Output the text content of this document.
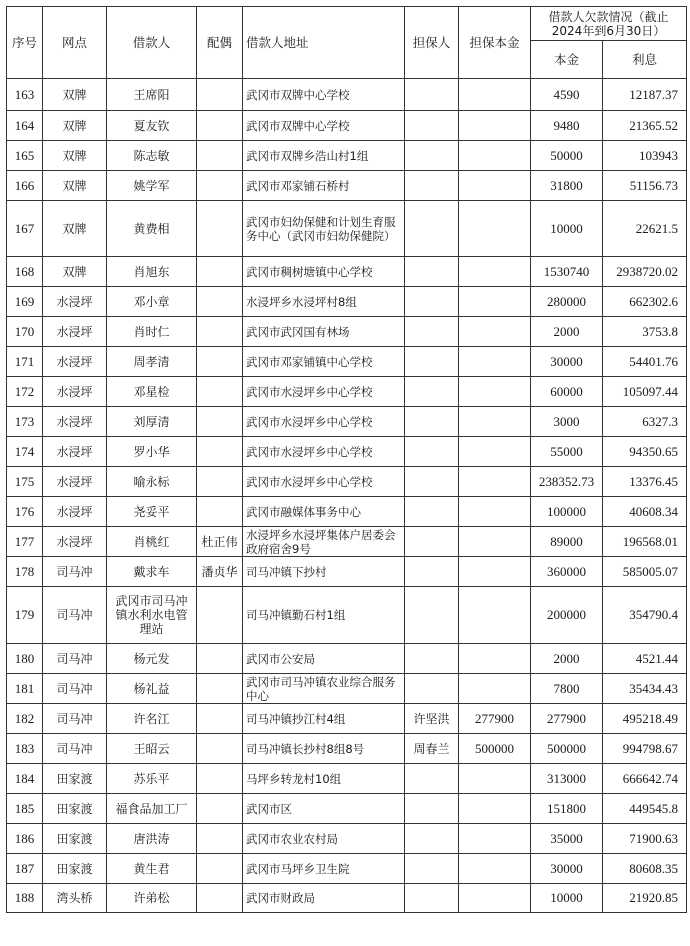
序号	网点	借款人	配偶	借款人地址	担保人	担保本金	借款人欠款情况（截止2024年到6月30日）	
							本金	利息
163	双牌	王席阳		武冈市双牌中心学校			4590	12187.37
164	双牌	夏友钦		武冈市双牌中心学校			9480	21365.52
165	双牌	陈志敏		武冈市双牌乡浩山村1组			50000	103943
166	双牌	姚学军		武冈市邓家铺石桥村			31800	51156.73
167	双牌	黄费相		武冈市妇幼保健和计划生育服务中心（武冈市妇幼保健院）			10000	22621.5
168	双牌	肖旭东		武冈市稠树塘镇中心学校			1530740	2938720.02
169	水浸坪	邓小章		水浸坪乡水浸坪村8组			280000	662302.6
170	水浸坪	肖时仁		武冈市武冈国有林场			2000	3753.8
171	水浸坪	周孝清		武冈市邓家铺镇中心学校			30000	54401.76
172	水浸坪	邓星检		武冈市水浸坪乡中心学校			60000	105097.44
173	水浸坪	刘厚清		武冈市水浸坪乡中心学校			3000	6327.3
174	水浸坪	罗小华		武冈市水浸坪乡中心学校			55000	94350.65
175	水浸坪	喻永标		武冈市水浸坪乡中心学校			238352.73	13376.45
176	水浸坪	尧妥平		武冈市融媒体事务中心			100000	40608.34
177	水浸坪	肖桃红	杜正伟	水浸坪乡水浸坪集体户居委会政府宿舍9号			89000	196568.01
178	司马冲	戴求车	潘贞华	司马冲镇下抄村			360000	585005.07
179	司马冲	武冈市司马冲镇水利水电管理站		司马冲镇勤石村1组			200000	354790.4
180	司马冲	杨元发		武冈市公安局			2000	4521.44
181	司马冲	杨礼益		武冈市司马冲镇农业综合服务中心			7800	35434.43
182	司马冲	许名江		司马冲镇抄江村4组	许坚洪	277900	277900	495218.49
183	司马冲	王昭云		司马冲镇长抄村8组8号	周春兰	500000	500000	994798.67
184	田家渡	苏乐平		马坪乡转龙村10组			313000	666642.74
185	田家渡	福食品加工厂		武冈市区			151800	449545.8
186	田家渡	唐洪涛		武冈市农业农村局			35000	71900.63
187	田家渡	黄生君		武冈市马坪乡卫生院			30000	80608.35
188	湾头桥	许弟松		武冈市财政局			10000	21920.85
